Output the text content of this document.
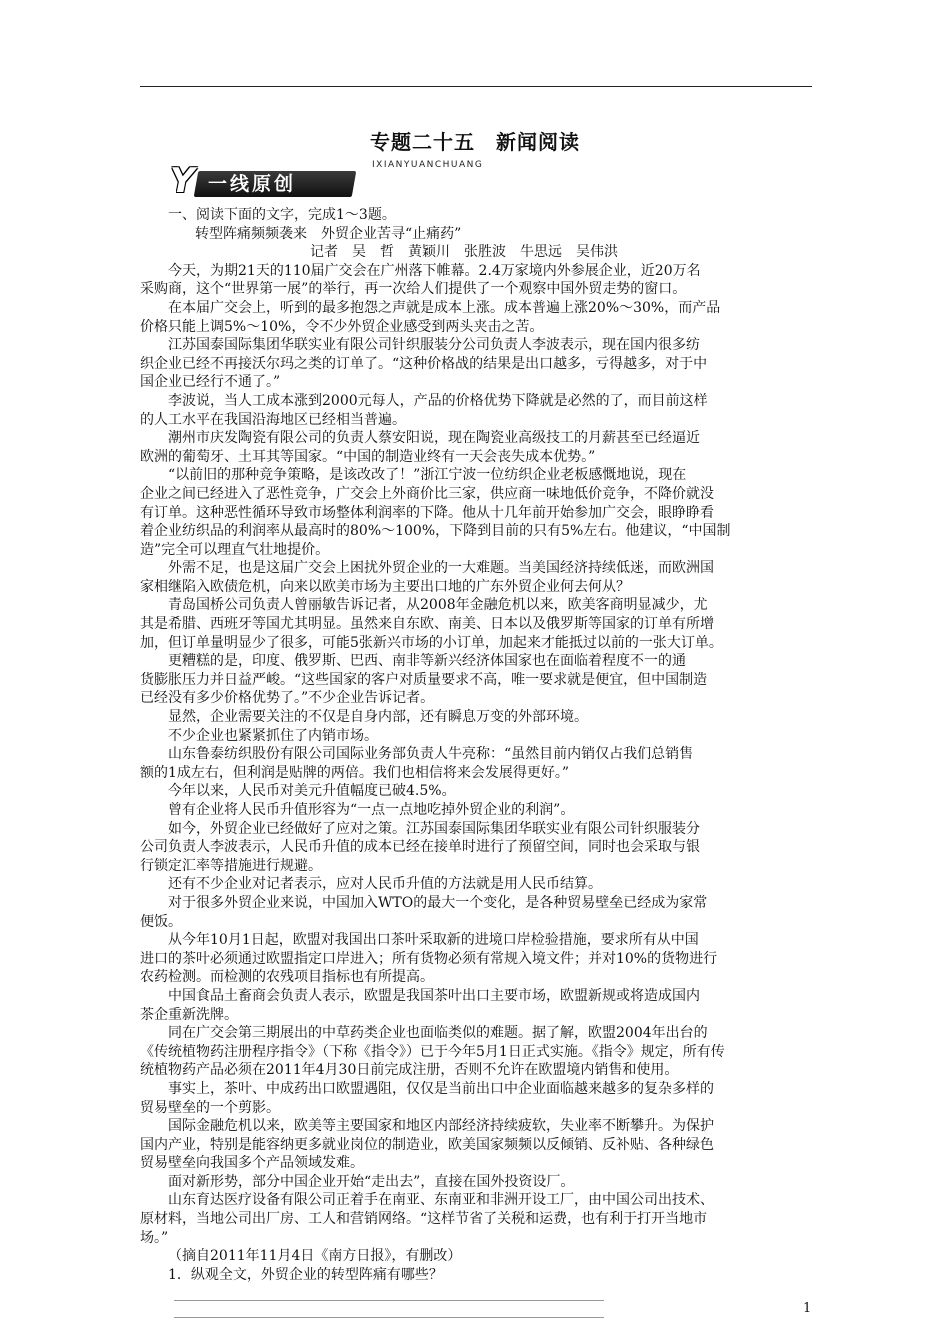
专题二十五　新闻阅读
IXIANYUANCHUANG
Y 一线原创
一、阅读下面的文字，完成1～3题。
转型阵痛频频袭来　外贸企业苦寻“止痛药”
记者　吴　哲　黄颖川　张胜波　牛思远　吴伟洪
今天，为期21天的110届广交会在广州落下帷幕。2.4万家境内外参展企业，近20万名
采购商，这个“世界第一展”的举行，再一次给人们提供了一个观察中国外贸走势的窗口。
在本届广交会上，听到的最多抱怨之声就是成本上涨。成本普遍上涨20%～30%，而产品
价格只能上调5%～10%，令不少外贸企业感受到两头夹击之苦。
江苏国泰国际集团华联实业有限公司针织服装分公司负责人李波表示，现在国内很多纺
织企业已经不再接沃尔玛之类的订单了。“这种价格战的结果是出口越多，亏得越多，对于中
国企业已经行不通了。”
李波说，当人工成本涨到2000元每人，产品的价格优势下降就是必然的了，而目前这样
的人工水平在我国沿海地区已经相当普遍。
潮州市庆发陶瓷有限公司的负责人蔡安阳说，现在陶瓷业高级技工的月薪甚至已经逼近
欧洲的葡萄牙、土耳其等国家。“中国的制造业终有一天会丧失成本优势。”
“以前旧的那种竞争策略，是该改改了！”浙江宁波一位纺织企业老板感慨地说，现在
企业之间已经进入了恶性竞争，广交会上外商价比三家，供应商一味地低价竞争，不降价就没
有订单。这种恶性循环导致市场整体利润率的下降。他从十几年前开始参加广交会，眼睁睁看
着企业纺织品的利润率从最高时的80%～100%，下降到目前的只有5%左右。他建议，“中国制
造”完全可以理直气壮地提价。
外需不足，也是这届广交会上困扰外贸企业的一大难题。当美国经济持续低迷，而欧洲国
家相继陷入欧债危机，向来以欧美市场为主要出口地的广东外贸企业何去何从？
青岛国桥公司负责人曾丽敏告诉记者，从2008年金融危机以来，欧美客商明显减少，尤
其是希腊、西班牙等国尤其明显。虽然来自东欧、南美、日本以及俄罗斯等国家的订单有所增
加，但订单量明显少了很多，可能5张新兴市场的小订单，加起来才能抵过以前的一张大订单。
更糟糕的是，印度、俄罗斯、巴西、南非等新兴经济体国家也在面临着程度不一的通
货膨胀压力并日益严峻。“这些国家的客户对质量要求不高，唯一要求就是便宜，但中国制造
已经没有多少价格优势了。”不少企业告诉记者。
显然，企业需要关注的不仅是自身内部，还有瞬息万变的外部环境。
不少企业也紧紧抓住了内销市场。
山东鲁泰纺织股份有限公司国际业务部负责人牛亮称：“虽然目前内销仅占我们总销售
额的1成左右，但利润是贴牌的两倍。我们也相信将来会发展得更好。”
今年以来，人民币对美元升值幅度已破4.5%。
曾有企业将人民币升值形容为“一点一点地吃掉外贸企业的利润”。
如今，外贸企业已经做好了应对之策。江苏国泰国际集团华联实业有限公司针织服装分
公司负责人李波表示，人民币升值的成本已经在接单时进行了预留空间，同时也会采取与银
行锁定汇率等措施进行规避。
还有不少企业对记者表示，应对人民币升值的方法就是用人民币结算。
对于很多外贸企业来说，中国加入WTO的最大一个变化，是各种贸易壁垒已经成为家常
便饭。
从今年10月1日起，欧盟对我国出口茶叶采取新的进境口岸检验措施，要求所有从中国
进口的茶叶必须通过欧盟指定口岸进入；所有货物必须有常规入境文件；并对10%的货物进行
农药检测。而检测的农残项目指标也有所提高。
中国食品土畜商会负责人表示，欧盟是我国茶叶出口主要市场，欧盟新规或将造成国内
茶企重新洗牌。
同在广交会第三期展出的中草药类企业也面临类似的难题。据了解，欧盟2004年出台的
《传统植物药注册程序指令》（下称《指令》）已于今年5月1日正式实施。《指令》规定，所有传
统植物药产品必须在2011年4月30日前完成注册，否则不允许在欧盟境内销售和使用。
事实上，茶叶、中成药出口欧盟遇阻，仅仅是当前出口中企业面临越来越多的复杂多样的
贸易壁垒的一个剪影。
国际金融危机以来，欧美等主要国家和地区内部经济持续疲软，失业率不断攀升。为保护
国内产业，特别是能容纳更多就业岗位的制造业，欧美国家频频以反倾销、反补贴、各种绿色
贸易壁垒向我国多个产品领域发难。
面对新形势，部分中国企业开始“走出去”，直接在国外投资设厂。
山东育达医疗设备有限公司正着手在南亚、东南亚和非洲开设工厂，由中国公司出技术、
原材料，当地公司出厂房、工人和营销网络。“这样节省了关税和运费，也有利于打开当地市
场。”
（摘自2011年11月4日《南方日报》，有删改）
1．纵观全文，外贸企业的转型阵痛有哪些？
1
